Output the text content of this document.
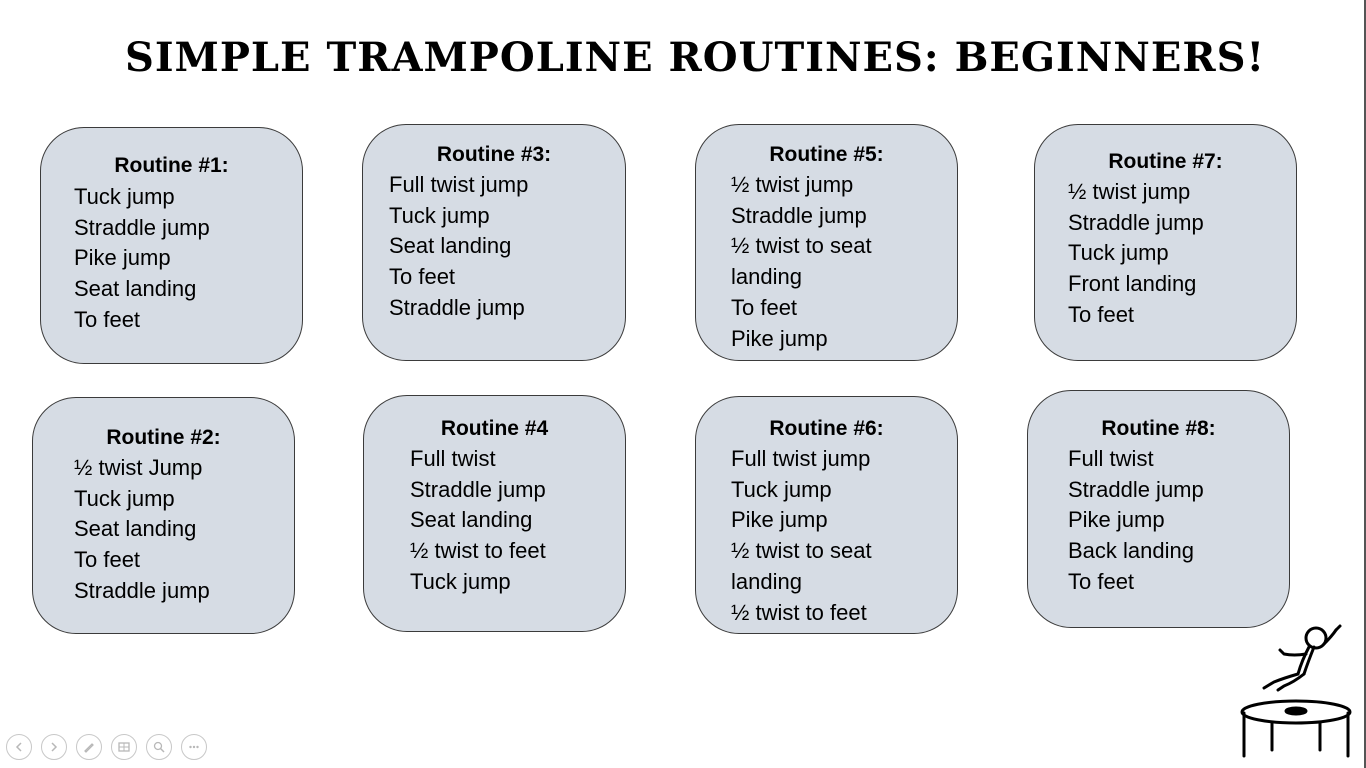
SIMPLE TRAMPOLINE ROUTINES: BEGINNERS!
Routine #1:
Tuck jump
Straddle jump
Pike jump
Seat landing
To feet
Routine #2:
½ twist Jump
Tuck jump
Seat landing
To feet
Straddle jump
Routine #3:
Full twist jump
Tuck jump
Seat landing
To feet
Straddle jump
Routine #4
Full twist
Straddle jump
Seat landing
½ twist to feet
Tuck jump
Routine #5:
½ twist jump
Straddle jump
½ twist to seat
landing
To feet
Pike jump
Routine #6:
Full twist jump
Tuck jump
Pike jump
½ twist to seat
landing
½ twist to feet
Routine #7:
½ twist jump
Straddle jump
Tuck jump
Front landing
To feet
Routine #8:
Full twist
Straddle jump
Pike jump
Back landing
To feet
